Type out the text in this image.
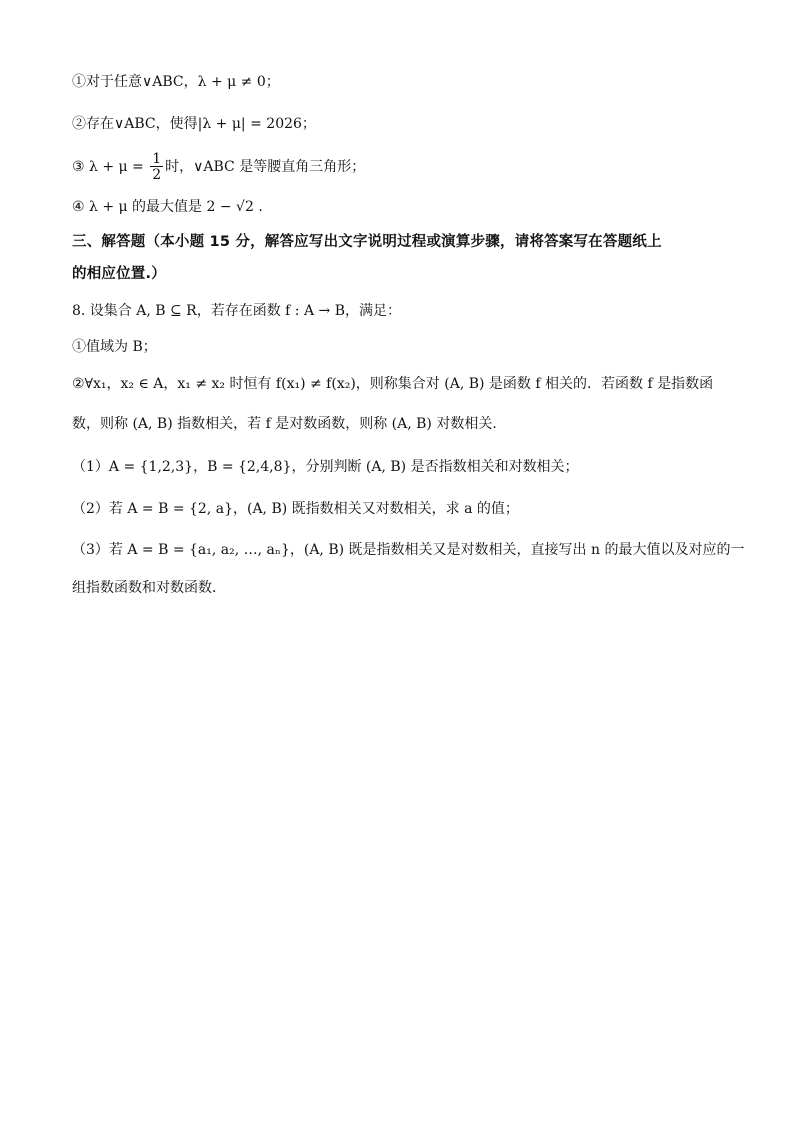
①对于任意∨ABC，λ + μ ≠ 0；
②存在∨ABC，使得|λ + μ| = 2026；
③ $\lambda + \mu = \frac{1}{2}$ 时，∨ABC 是等腰直角三角形；
④ λ + μ 的最大值是 2 − √2 .
三、解答题（本小题 15 分，解答应写出文字说明过程或演算步骤，请将答案写在答题纸上
的相应位置.）
8. 设集合 A, B ⊆ R，若存在函数 f : A → B，满足：
①值域为 B；
②∀x₁，x₂ ∈ A，x₁ ≠ x₂ 时恒有 f(x₁) ≠ f(x₂)，则称集合对 (A, B) 是函数 f 相关的．若函数 f 是指数函
数，则称 (A, B) 指数相关，若 f 是对数函数，则称 (A, B) 对数相关．
（1）A = {1,2,3}，B = {2,4,8}，分别判断 (A, B) 是否指数相关和对数相关；
（2）若 A = B = {2, a}，(A, B) 既指数相关又对数相关，求 a 的值；
（3）若 A = B = {a₁, a₂, …, aₙ}，(A, B) 既是指数相关又是对数相关，直接写出 n 的最大值以及对应的一
组指数函数和对数函数．
